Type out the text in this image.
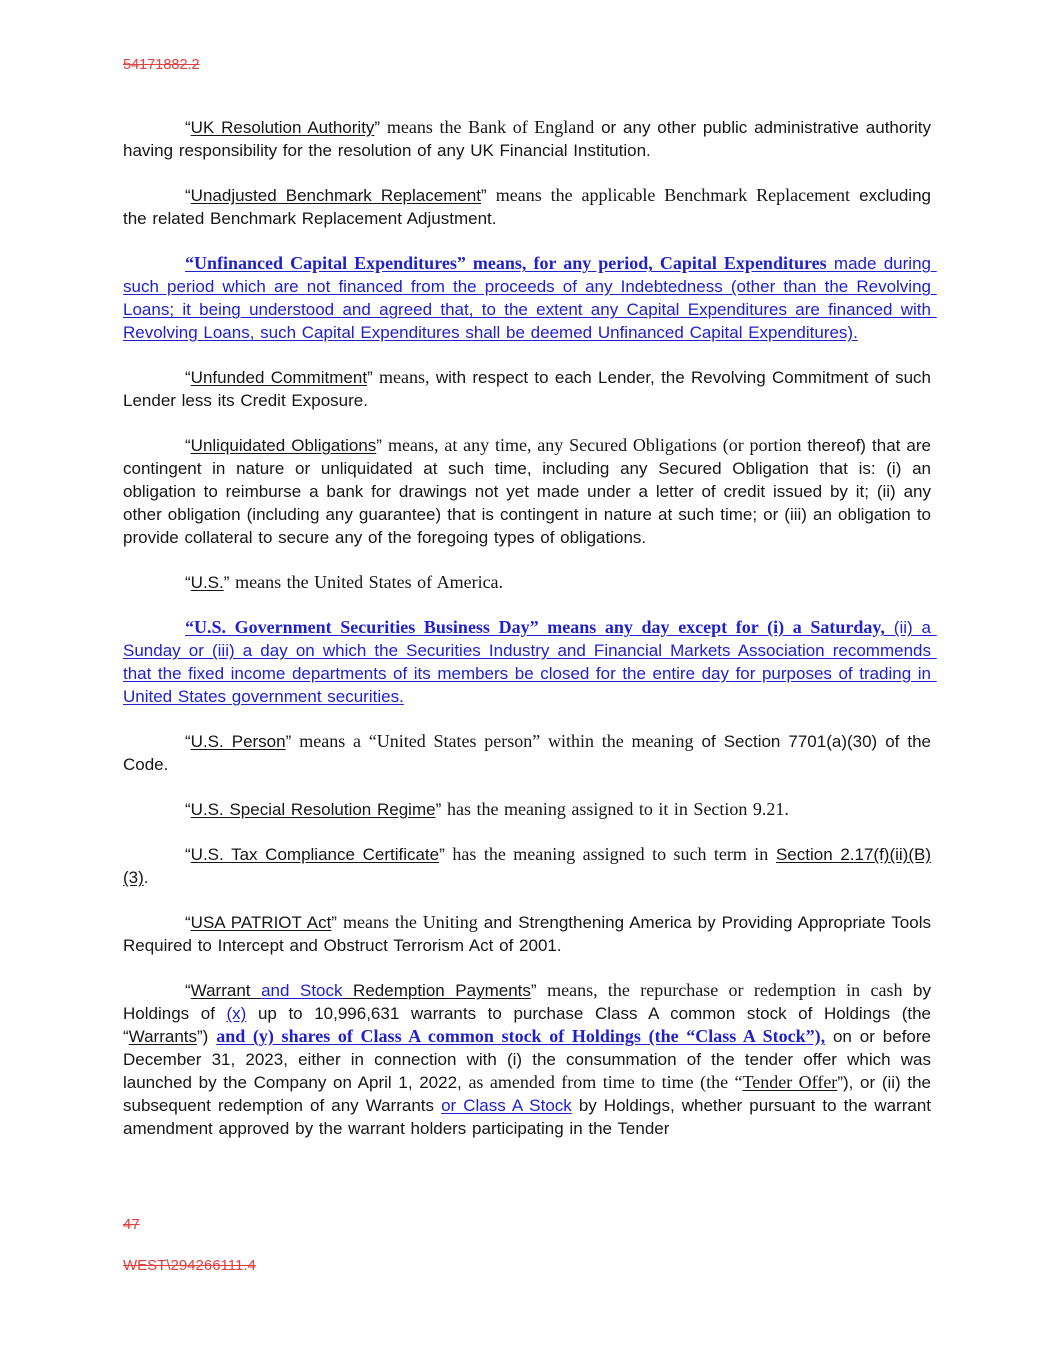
54171882.2

“UK Resolution Authority” means the Bank of England or any other public administrative authority having responsibility for the resolution of any UK Financial Institution.

“Unadjusted Benchmark Replacement” means the applicable Benchmark Replacement excluding the related Benchmark Replacement Adjustment.

“Unfinanced Capital Expenditures” means, for any period, Capital Expenditures made during such period which are not financed from the proceeds of any Indebtedness (other than the Revolving Loans; it being understood and agreed that, to the extent any Capital Expenditures are financed with Revolving Loans, such Capital Expenditures shall be deemed Unfinanced Capital Expenditures).

“Unfunded Commitment” means, with respect to each Lender, the Revolving Commitment of such Lender less its Credit Exposure.

“Unliquidated Obligations” means, at any time, any Secured Obligations (or portion thereof) that are contingent in nature or unliquidated at such time, including any Secured Obligation that is: (i) an obligation to reimburse a bank for drawings not yet made under a letter of credit issued by it; (ii) any other obligation (including any guarantee) that is contingent in nature at such time; or (iii) an obligation to provide collateral to secure any of the foregoing types of obligations.

“U.S.” means the United States of America.

“U.S. Government Securities Business Day” means any day except for (i) a Saturday, (ii) a Sunday or (iii) a day on which the Securities Industry and Financial Markets Association recommends that the fixed income departments of its members be closed for the entire day for purposes of trading in United States government securities.

“U.S. Person” means a “United States person” within the meaning of Section 7701(a)(30) of the Code.

“U.S. Special Resolution Regime” has the meaning assigned to it in Section 9.21.

“U.S. Tax Compliance Certificate” has the meaning assigned to such term in Section 2.17(f)(ii)(B)(3).

“USA PATRIOT Act” means the Uniting and Strengthening America by Providing Appropriate Tools Required to Intercept and Obstruct Terrorism Act of 2001.

“Warrant and Stock Redemption Payments” means, the repurchase or redemption in cash by Holdings of (x) up to 10,996,631 warrants to purchase Class A common stock of Holdings (the “Warrants”) and (y) shares of Class A common stock of Holdings (the “Class A Stock”), on or before December 31, 2023, either in connection with (i) the consummation of the tender offer which was launched by the Company on April 1, 2022, as amended from time to time (the “Tender Offer”), or (ii) the subsequent redemption of any Warrants or Class A Stock by Holdings, whether pursuant to the warrant amendment approved by the warrant holders participating in the Tender

47

WEST\294266111.4
